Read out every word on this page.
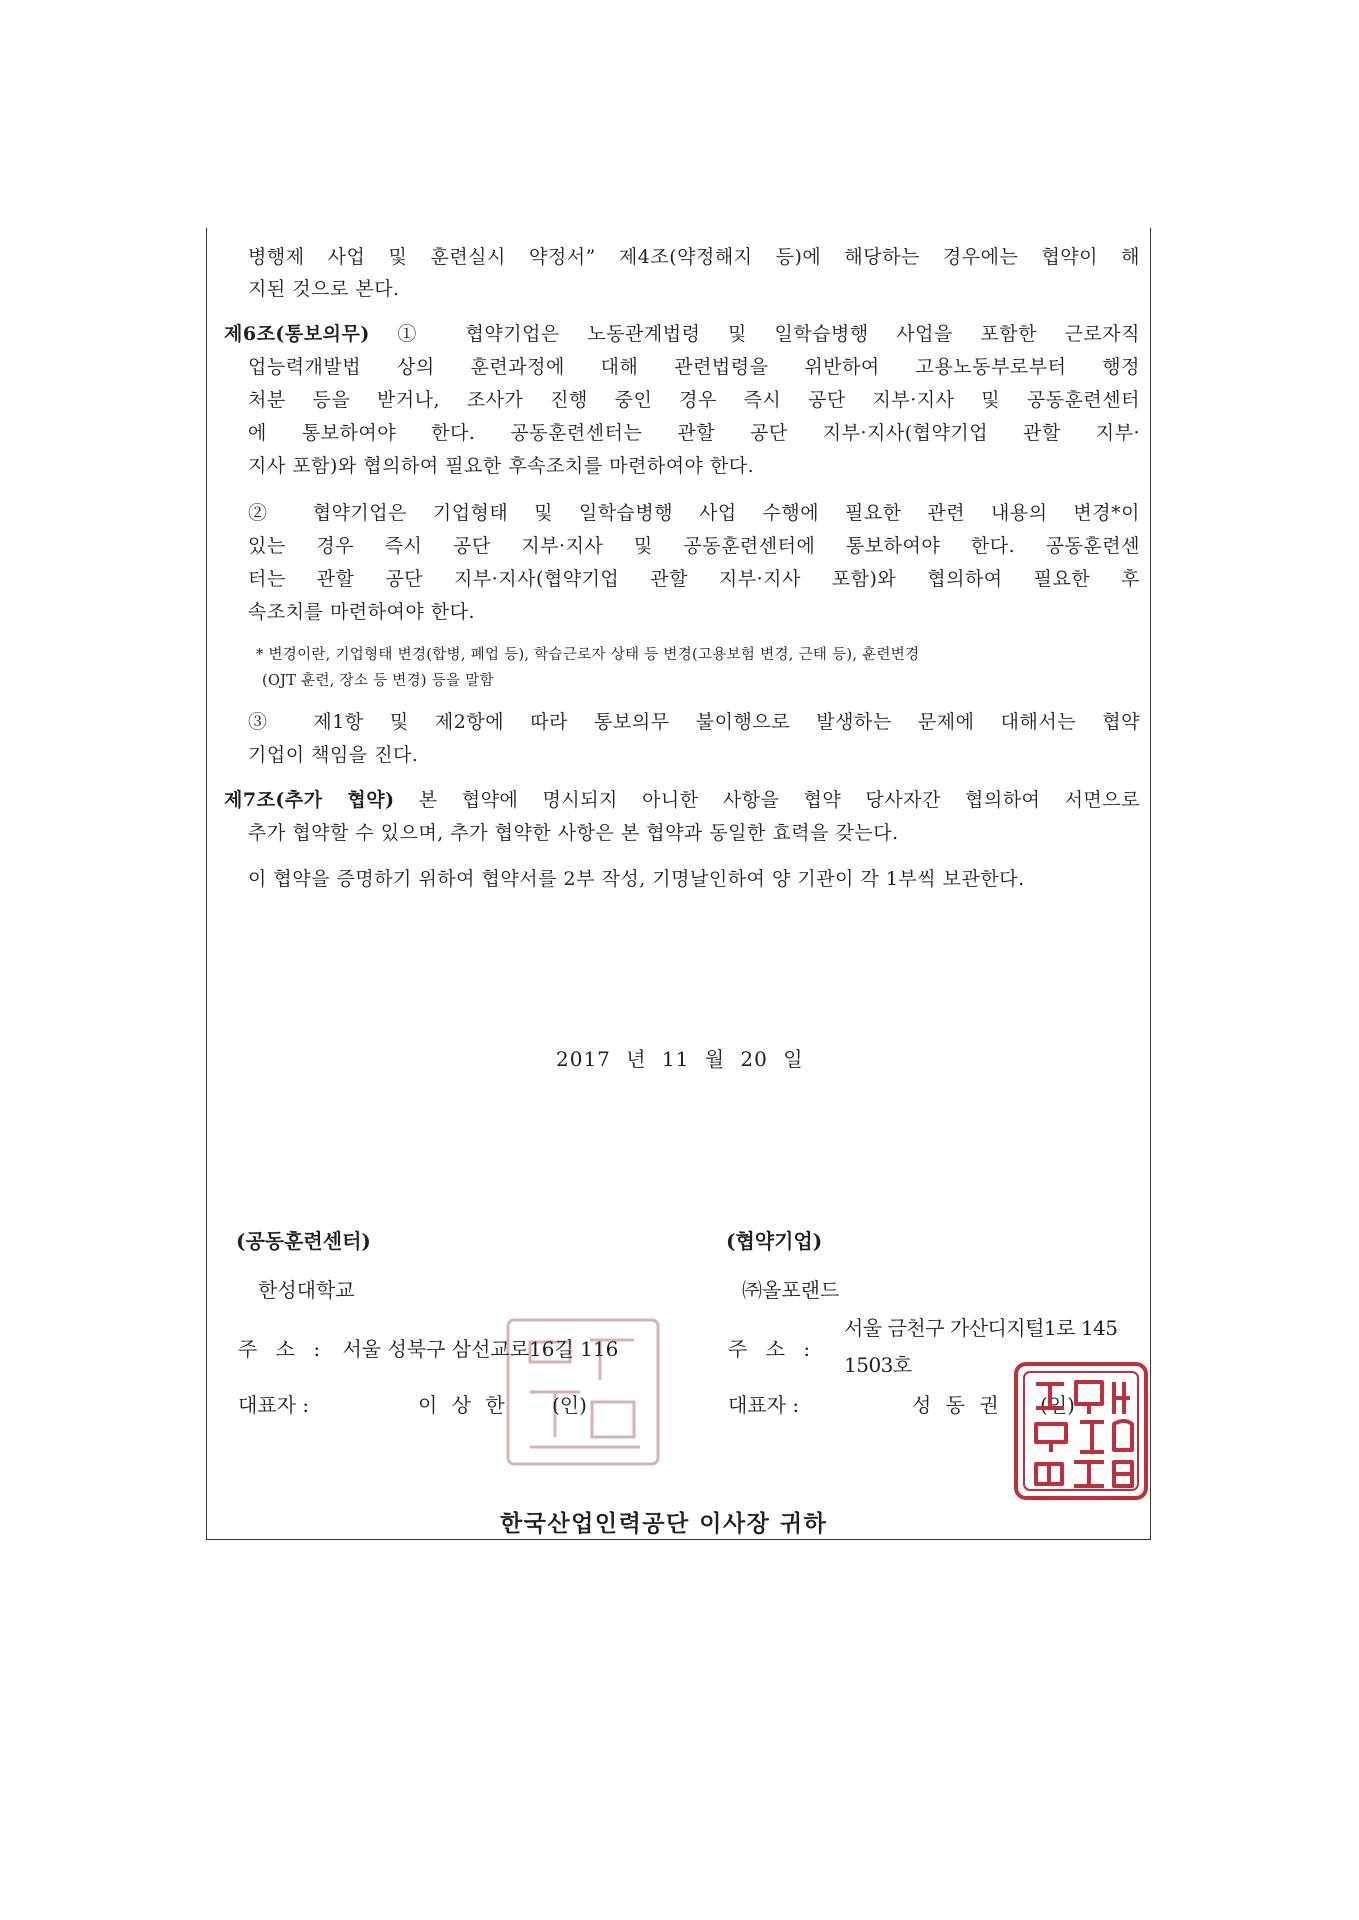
병행제 사업 및 훈련실시 약정서” 제4조(약정해지 등)에 해당하는 경우에는 협약이 해
지된 것으로 본다.
제6조(통보의무) ① 협약기업은 노동관계법령 및 일학습병행 사업을 포함한 근로자직
업능력개발법 상의 훈련과정에 대해 관련법령을 위반하여 고용노동부로부터 행정
처분 등을 받거나, 조사가 진행 중인 경우 즉시 공단 지부·지사 및 공동훈련센터
에 통보하여야 한다. 공동훈련센터는 관할 공단 지부·지사(협약기업 관할 지부·
지사 포함)와 협의하여 필요한 후속조치를 마련하여야 한다.
② 협약기업은 기업형태 및 일학습병행 사업 수행에 필요한 관련 내용의 변경*이
있는 경우 즉시 공단 지부·지사 및 공동훈련센터에 통보하여야 한다. 공동훈련센
터는 관할 공단 지부·지사(협약기업 관할 지부·지사 포함)와 협의하여 필요한 후
속조치를 마련하여야 한다.
* 변경이란, 기업형태 변경(합병, 폐업 등), 학습근로자 상태 등 변경(고용보험 변경, 근태 등), 훈련변경
(OJT 훈련, 장소 등 변경) 등을 말함
③ 제1항 및 제2항에 따라 통보의무 불이행으로 발생하는 문제에 대해서는 협약
기업이 책임을 진다.
제7조(추가 협약) 본 협약에 명시되지 아니한 사항을 협약 당사자간 협의하여 서면으로
추가 협약할 수 있으며, 추가 협약한 사항은 본 협약과 동일한 효력을 갖는다.
이 협약을 증명하기 위하여 협약서를 2부 작성, 기명날인하여 양 기관이 각 1부씩 보관한다.
2017 년 11 월 20 일
(공동훈련센터)
한성대학교
주 소 : 서울 성북구 삼선교로16길 116
대표자 :	이 상 한 (인)
(협약기업)
㈜올포랜드
주 소 :
서울 금천구 가산디지털1로 145
1503호
대표자 :	성 동 권 (인)
한국산업인력공단 이사장 귀하
